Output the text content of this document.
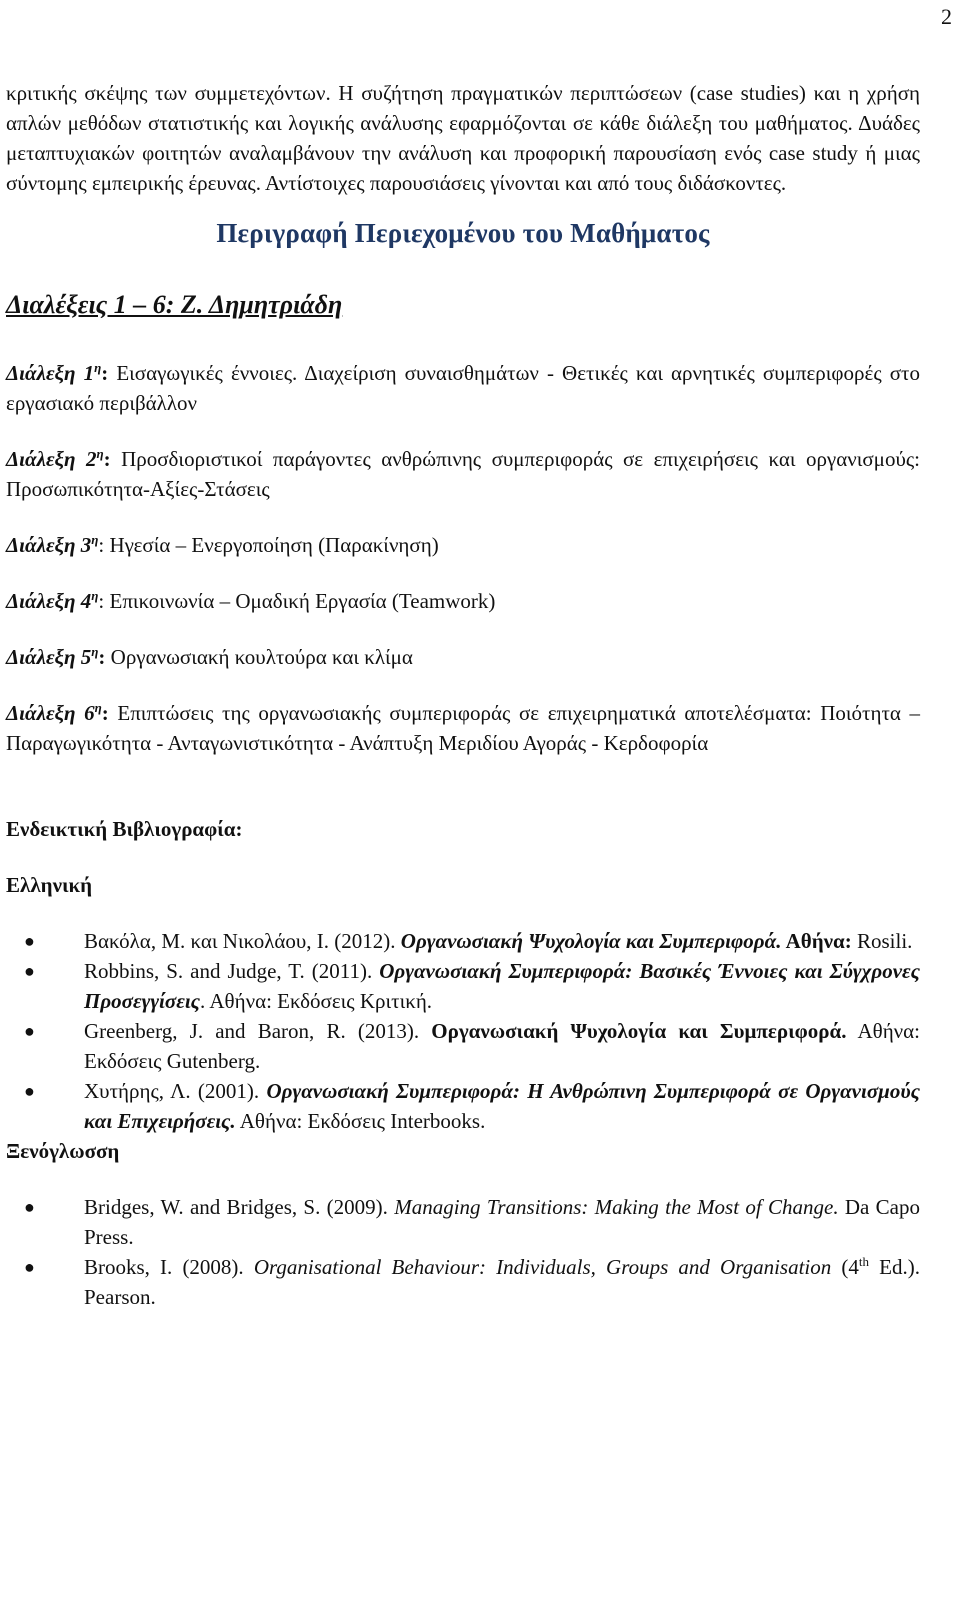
2

κριτικής σκέψης των συμμετεχόντων. Η συζήτηση πραγματικών περιπτώσεων (case studies) και η χρήση απλών μεθόδων στατιστικής και λογικής ανάλυσης εφαρμόζονται σε κάθε διάλεξη του μαθήματος. Δυάδες μεταπτυχιακών φοιτητών αναλαμβάνουν την ανάλυση και προφορική παρουσίαση ενός case study ή μιας σύντομης εμπειρικής έρευνας. Αντίστοιχες παρουσιάσεις γίνονται και από τους διδάσκοντες.

Περιγραφή Περιεχομένου του Μαθήματος
Διαλέξεις 1 – 6: Ζ. Δημητριάδη

Διάλεξη $1^\eta$: Εισαγωγικές έννοιες. Διαχείριση συναισθημάτων - Θετικές και αρνητικές συμπεριφορές στο εργασιακό περιβάλλον

Διάλεξη $2^\eta$: Προσδιοριστικοί παράγοντες ανθρώπινης συμπεριφοράς σε επιχειρήσεις και οργανισμούς: Προσωπικότητα-Αξίες-Στάσεις

Διάλεξη $3^\eta$: Ηγεσία – Ενεργοποίηση (Παρακίνηση)

Διάλεξη $4^\eta$: Επικοινωνία – Ομαδική Εργασία (Teamwork)

Διάλεξη $5^\eta$: Οργανωσιακή κουλτούρα και κλίμα

Διάλεξη $6^\eta$: Επιπτώσεις της οργανωσιακής συμπεριφοράς σε επιχειρηματικά αποτελέσματα: Ποιότητα – Παραγωγικότητα - Ανταγωνιστικότητα - Ανάπτυξη Μεριδίου Αγοράς - Κερδοφορία

Ενδεικτική Βιβλιογραφία:
Ελληνική
● Βακόλα, Μ. και Νικολάου, Ι. (2012). Οργανωσιακή Ψυχολογία και Συμπεριφορά. Αθήνα: Rosili.
● Robbins, S. and Judge, T. (2011). Οργανωσιακή Συμπεριφορά: Βασικές Έννοιες και Σύγχρονες Προσεγγίσεις. Αθήνα: Εκδόσεις Κριτική.
● Greenberg, J. and Baron, R. (2013). Οργανωσιακή Ψυχολογία και Συμπεριφορά. Αθήνα: Εκδόσεις Gutenberg.
● Χυτήρης, Λ. (2001). Οργανωσιακή Συμπεριφορά: Η Ανθρώπινη Συμπεριφορά σε Οργανισμούς και Επιχειρήσεις. Αθήνα: Εκδόσεις Interbooks.
Ξενόγλωσση
● Bridges, W. and Bridges, S. (2009). Managing Transitions: Making the Most of Change. Da Capo Press.
● Brooks, I. (2008). Organisational Behaviour: Individuals, Groups and Organisation (4th Ed.). Pearson.
